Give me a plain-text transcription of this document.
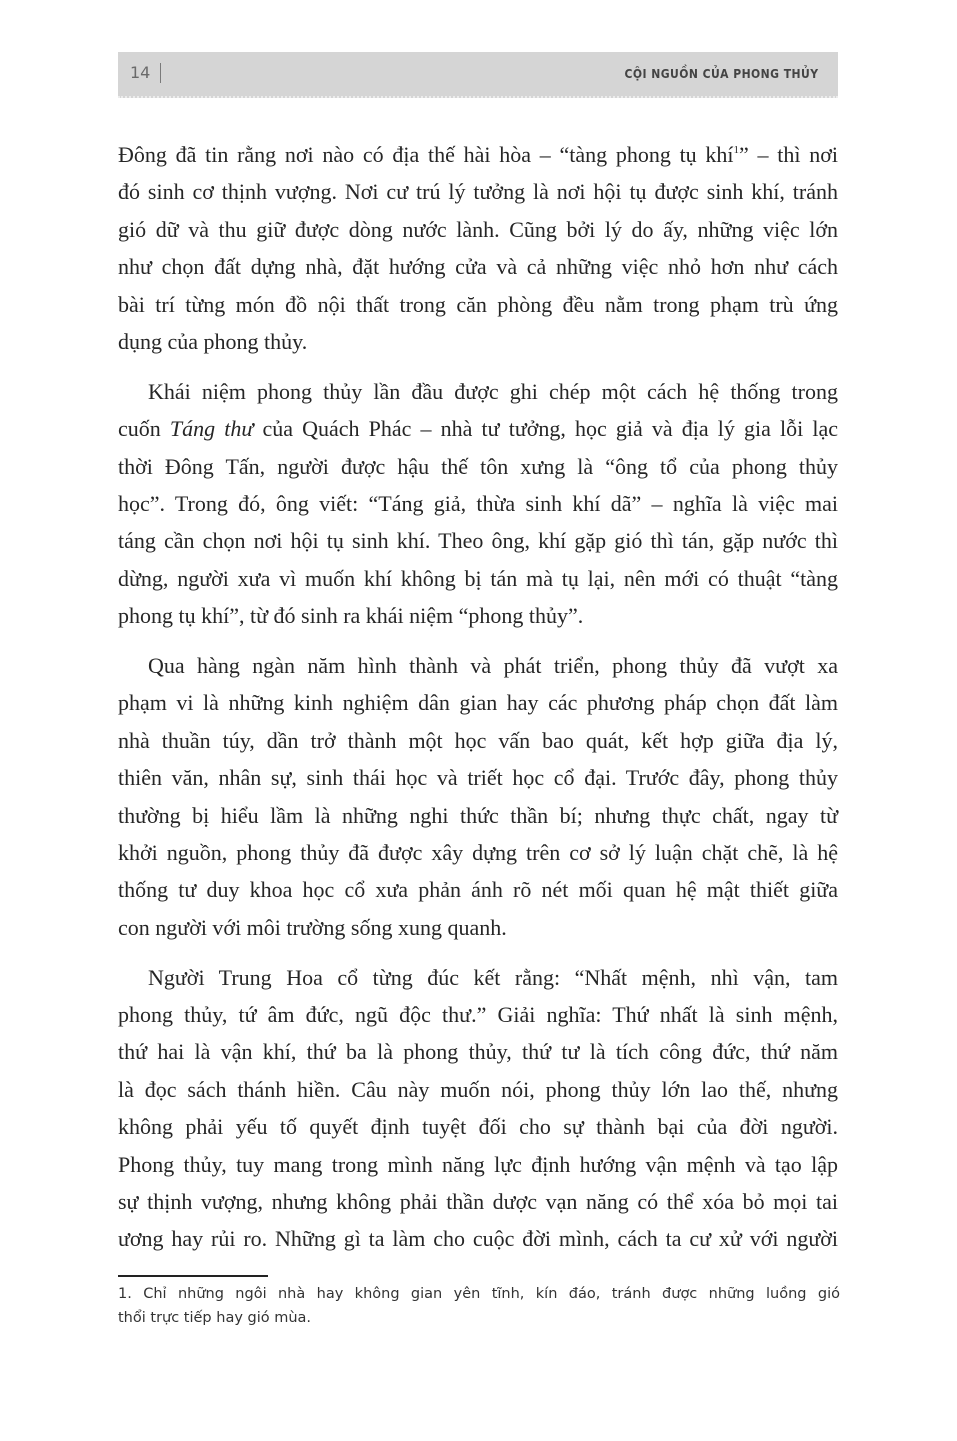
14	CỘI NGUỒN CỦA PHONG THỦY
Đông đã tin rằng nơi nào có địa thế hài hòa – “tàng phong tụ khí$^1$” – thì nơi
đó sinh cơ thịnh vượng. Nơi cư trú lý tưởng là nơi hội tụ được sinh khí, tránh
gió dữ và thu giữ được dòng nước lành. Cũng bởi lý do ấy, những việc lớn
như chọn đất dựng nhà, đặt hướng cửa và cả những việc nhỏ hơn như cách
bài trí từng món đồ nội thất trong căn phòng đều nằm trong phạm trù ứng
dụng của phong thủy.
Khái niệm phong thủy lần đầu được ghi chép một cách hệ thống trong
cuốn Táng thư của Quách Phác – nhà tư tưởng, học giả và địa lý gia lỗi lạc
thời Đông Tấn, người được hậu thế tôn xưng là “ông tổ của phong thủy
học”. Trong đó, ông viết: “Táng giả, thừa sinh khí dã” – nghĩa là việc mai
táng cần chọn nơi hội tụ sinh khí. Theo ông, khí gặp gió thì tán, gặp nước thì
dừng, người xưa vì muốn khí không bị tán mà tụ lại, nên mới có thuật “tàng
phong tụ khí”, từ đó sinh ra khái niệm “phong thủy”.
Qua hàng ngàn năm hình thành và phát triển, phong thủy đã vượt xa
phạm vi là những kinh nghiệm dân gian hay các phương pháp chọn đất làm
nhà thuần túy, dần trở thành một học vấn bao quát, kết hợp giữa địa lý,
thiên văn, nhân sự, sinh thái học và triết học cổ đại. Trước đây, phong thủy
thường bị hiểu lầm là những nghi thức thần bí; nhưng thực chất, ngay từ
khởi nguồn, phong thủy đã được xây dựng trên cơ sở lý luận chặt chẽ, là hệ
thống tư duy khoa học cổ xưa phản ánh rõ nét mối quan hệ mật thiết giữa
con người với môi trường sống xung quanh.
Người Trung Hoa cổ từng đúc kết rằng: “Nhất mệnh, nhì vận, tam
phong thủy, tứ âm đức, ngũ độc thư.” Giải nghĩa: Thứ nhất là sinh mệnh,
thứ hai là vận khí, thứ ba là phong thủy, thứ tư là tích công đức, thứ năm
là đọc sách thánh hiền. Câu này muốn nói, phong thủy lớn lao thế, nhưng
không phải yếu tố quyết định tuyệt đối cho sự thành bại của đời người.
Phong thủy, tuy mang trong mình năng lực định hướng vận mệnh và tạo lập
sự thịnh vượng, nhưng không phải thần dược vạn năng có thể xóa bỏ mọi tai
ương hay rủi ro. Những gì ta làm cho cuộc đời mình, cách ta cư xử với người
1. Chỉ những ngôi nhà hay không gian yên tĩnh, kín đáo, tránh được những luồng gió
thổi trực tiếp hay gió mùa.
